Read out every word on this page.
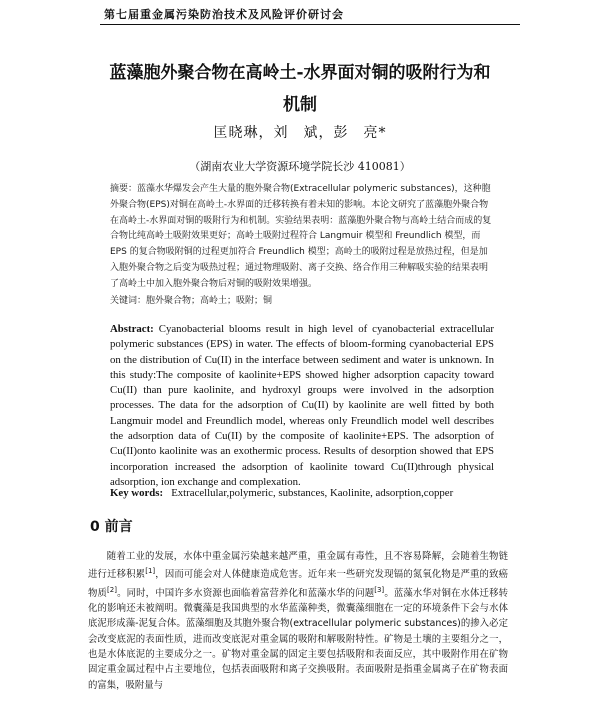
第七届重金属污染防治技术及风险评价研讨会
蓝藻胞外聚合物在高岭土-水界面对铜的吸附行为和
机制
匡晓琳，刘　斌，彭　亮*
（湖南农业大学资源环境学院长沙 410081）
摘要：蓝藻水华爆发会产生大量的胞外聚合物(Extracellular polymeric substances)，这种胞外聚合物(EPS)对铜在高岭土-水界面的迁移转换有着未知的影响。本论文研究了蓝藻胞外聚合物在高岭土-水界面对铜的吸附行为和机制。实验结果表明：蓝藻胞外聚合物与高岭土结合而成的复合物比纯高岭土吸附效果更好；高岭土吸附过程符合 Langmuir 模型和 Freundlich 模型，而 EPS 的复合物吸附铜的过程更加符合 Freundlich 模型；高岭土的吸附过程是放热过程，但是加入胞外聚合物之后变为吸热过程；通过物理吸附、离子交换、络合作用三种解吸实验的结果表明了高岭土中加入胞外聚合物后对铜的吸附效果增强。
关键词：胞外聚合物；高岭土；吸附；铜
Abstract: Cyanobacterial blooms result in high level of cyanobacterial extracellular polymeric substances (EPS) in water. The effects of bloom-forming cyanobacterial EPS on the distribution of Cu(II) in the interface between sediment and water is unknown. In this study:The composite of kaolinite+EPS showed higher adsorption capacity toward Cu(II) than pure kaolinite, and hydroxyl groups were involved in the adsorption processes. The data for the adsorption of Cu(II) by kaolinite are well fitted by both Langmuir model and Freundlich model, whereas only Freundlich model well describes the adsorption data of Cu(II) by the composite of kaolinite+EPS. The adsorption of Cu(II)onto kaolinite was an exothermic process. Results of desorption showed that EPS incorporation increased the adsorption of kaolinite toward Cu(II)through physical adsorption, ion exchange and complexation.
Key words: Extracellular,polymeric, substances, Kaolinite, adsorption,copper
0 前言
随着工业的发展，水体中重金属污染越来越严重，重金属有毒性，且不容易降解，会随着生物链进行迁移积累[1]，因而可能会对人体健康造成危害。近年来一些研究发现镉的氮氧化物是严重的致癌物质[2]。同时，中国许多水资源也面临着富营养化和蓝藻水华的问题[3]。蓝藻水华对铜在水体迁移转化的影响还未被阐明。微囊藻是我国典型的水华蓝藻种类，微囊藻细胞在一定的环境条件下会与水体底泥形成藻-泥复合体。蓝藻细胞及其胞外聚合物(extracellular polymeric substances)的掺入必定会改变底泥的表面性质，进而改变底泥对重金属的吸附和解吸附特性。矿物是土壤的主要组分之一，也是水体底泥的主要成分之一。矿物对重金属的固定主要包括吸附和表面反应，其中吸附作用在矿物固定重金属过程中占主要地位，包括表面吸附和离子交换吸附。表面吸附是指重金属离子在矿物表面的富集，吸附量与
